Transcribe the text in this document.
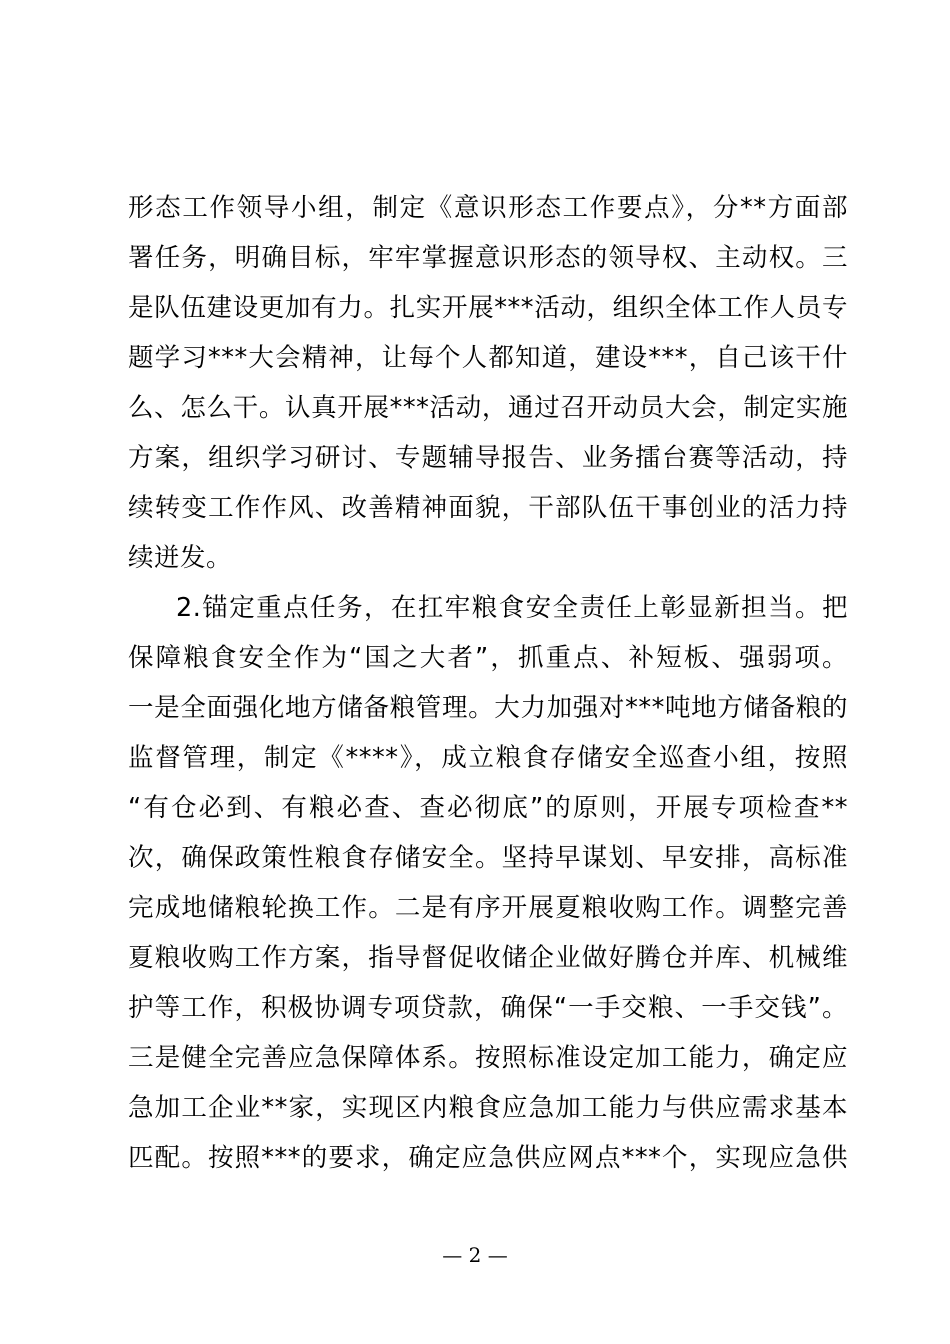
形态工作领导小组，制定《意识形态工作要点》，分**方面部
署任务，明确目标，牢牢掌握意识形态的领导权、主动权。三
是队伍建设更加有力。扎实开展***活动，组织全体工作人员专
题学习***大会精神，让每个人都知道，建设***，自己该干什
么、怎么干。认真开展***活动，通过召开动员大会，制定实施
方案，组织学习研讨、专题辅导报告、业务擂台赛等活动，持
续转变工作作风、改善精神面貌，干部队伍干事创业的活力持
续迸发。
2.锚定重点任务，在扛牢粮食安全责任上彰显新担当。把
保障粮食安全作为“国之大者”，抓重点、补短板、强弱项。
一是全面强化地方储备粮管理。大力加强对***吨地方储备粮的
监督管理，制定《****》，成立粮食存储安全巡查小组，按照
“有仓必到、有粮必查、查必彻底”的原则，开展专项检查**
次，确保政策性粮食存储安全。坚持早谋划、早安排，高标准
完成地储粮轮换工作。二是有序开展夏粮收购工作。调整完善
夏粮收购工作方案，指导督促收储企业做好腾仓并库、机械维
护等工作，积极协调专项贷款，确保“一手交粮、一手交钱”。
三是健全完善应急保障体系。按照标准设定加工能力，确定应
急加工企业**家，实现区内粮食应急加工能力与供应需求基本
匹配。按照***的要求，确定应急供应网点***个，实现应急供
— 2 —
